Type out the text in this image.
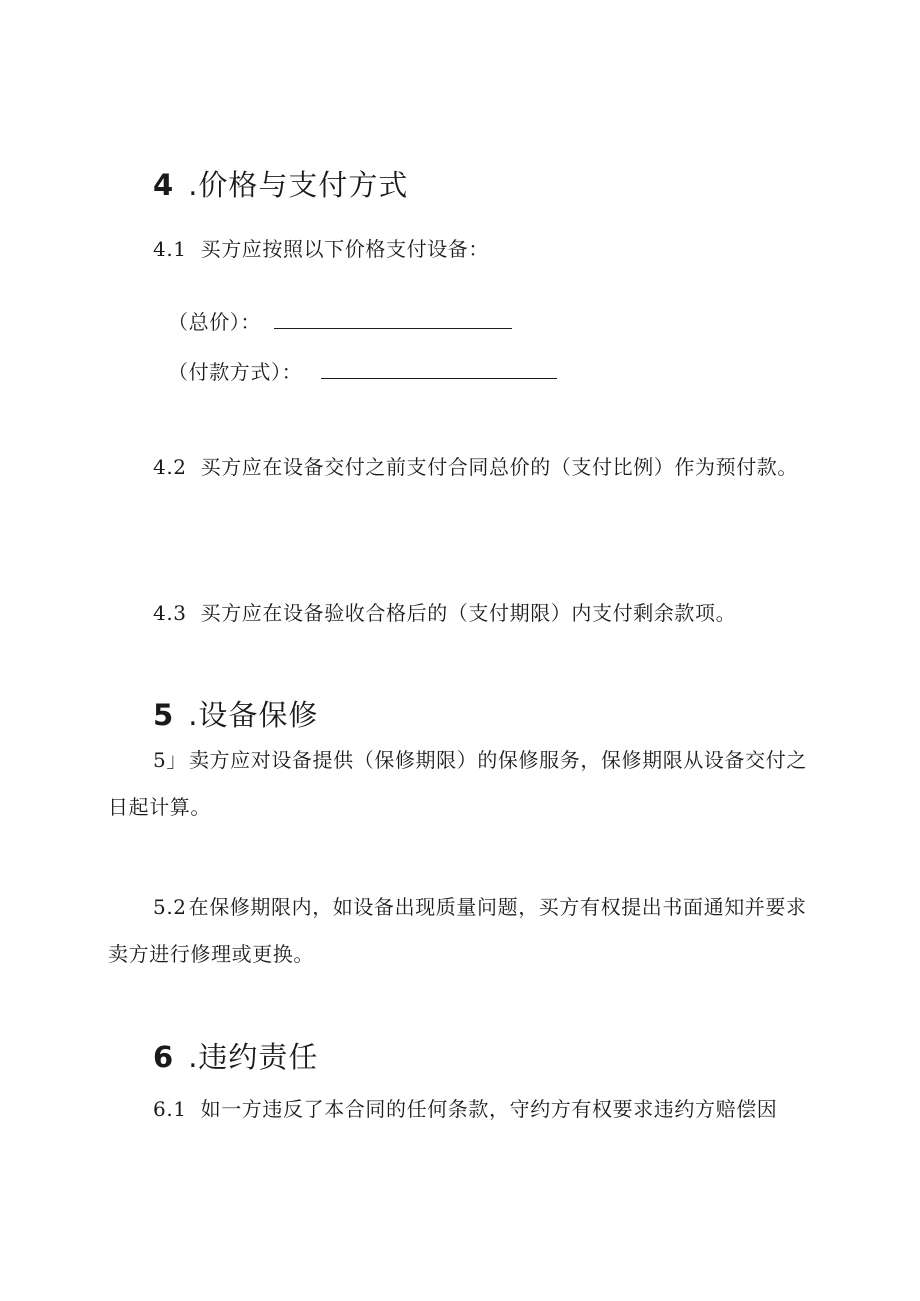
4 .价格与支付方式

4.1 买方应按照以下价格支付设备：

（总价）：
（付款方式）：

4.2 买方应在设备交付之前支付合同总价的（支付比例）作为预付款。

4.3 买方应在设备验收合格后的（支付期限）内支付剩余款项。

5 .设备保修

5」 卖方应对设备提供（保修期限）的保修服务，保修期限从设备交付之日起计算。

5.2 在保修期限内，如设备出现质量问题，买方有权提出书面通知并要求卖方进行修理或更换。

6 .违约责任

6.1 如一方违反了本合同的任何条款，守约方有权要求违约方赔偿因
